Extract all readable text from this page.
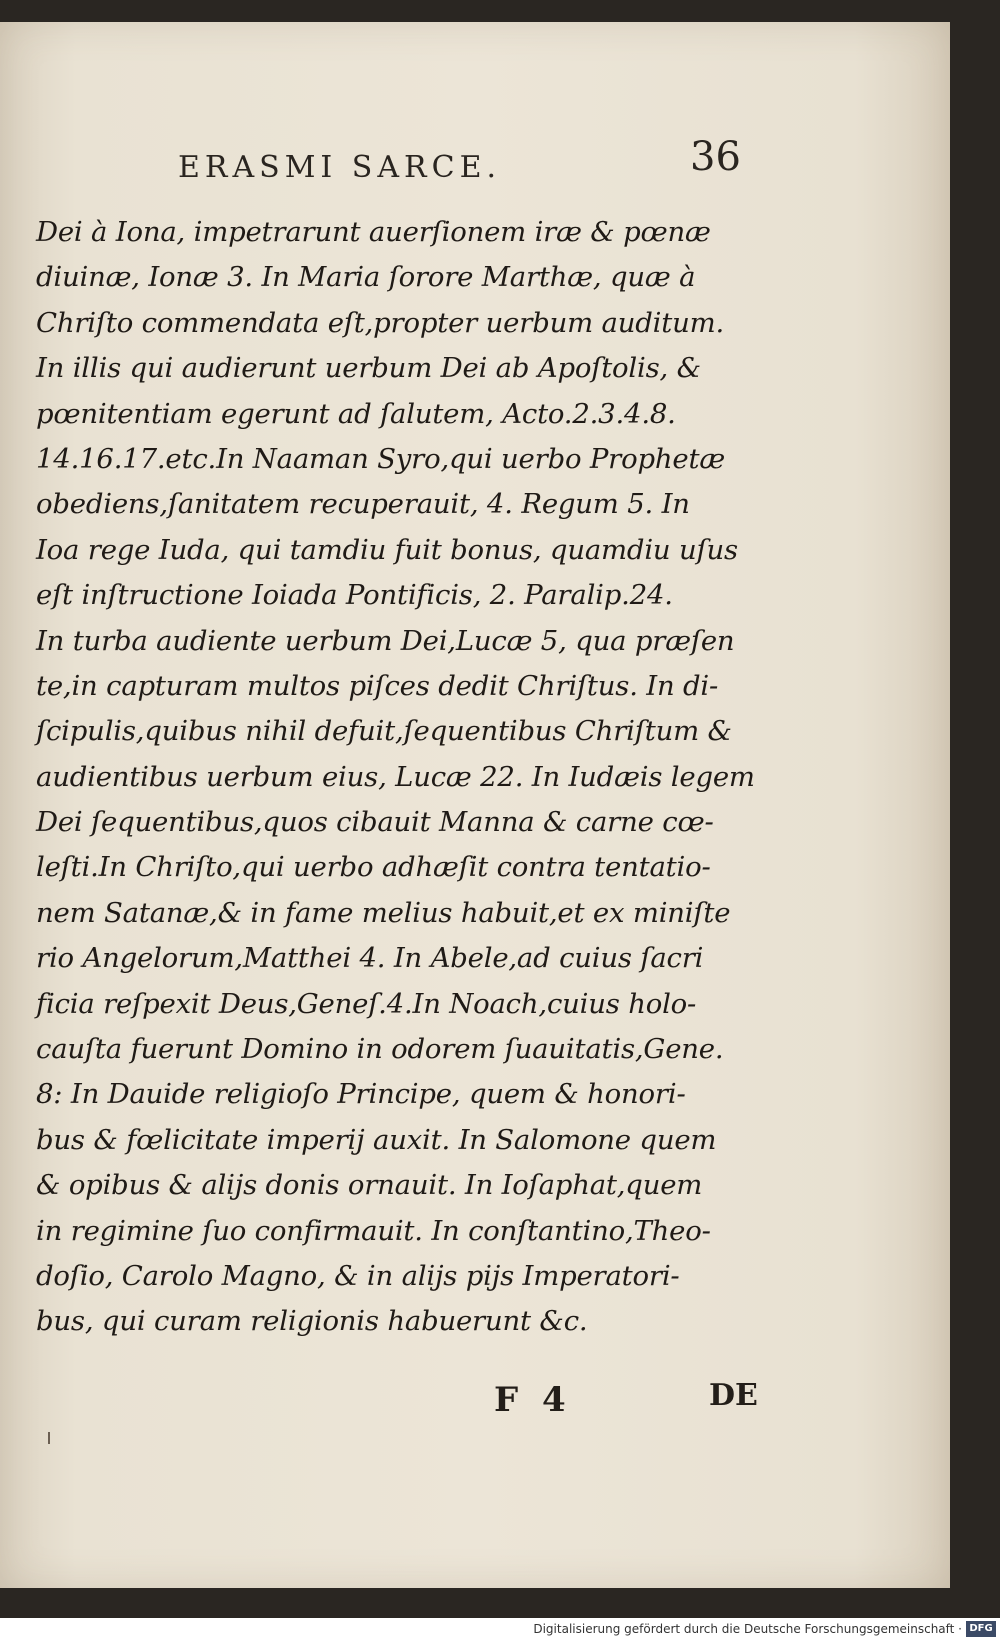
ERASMI SARCE.	36
Dei à Iona, impetrarunt auerſionem iræ & pœnæ
diuinæ, Ionæ 3. In Maria ſorore Marthæ, quæ à
Chriſto commendata eſt,propter uerbum auditum.
In illis qui audierunt uerbum Dei ab Apoſtolis, &
pœnitentiam egerunt ad ſalutem, Acto.2.3.4.8.
14.16.17.etc.In Naaman Syro,qui uerbo Prophetæ
obediens,ſanitatem recuperauit, 4. Regum 5. In
Ioa rege Iuda, qui tamdiu fuit bonus, quamdiu uſus
eſt inſtructione Ioiada Pontificis, 2. Paralip.24.
In turba audiente uerbum Dei,Lucæ 5, qua præſen
te,in capturam multos piſces dedit Chriſtus. In di-
ſcipulis,quibus nihil defuit,ſequentibus Chriſtum &
audientibus uerbum eius, Lucæ 22. In Iudæis legem
Dei ſequentibus,quos cibauit Manna & carne cœ-
leſti.In Chriſto,qui uerbo adhæſit contra tentatio-
nem Satanæ,& in fame melius habuit,et ex miniſte
rio Angelorum,Matthei 4. In Abele,ad cuius ſacri
ficia reſpexit Deus,Geneſ.4.In Noach,cuius holo-
cauſta fuerunt Domino in odorem ſuauitatis,Gene.
8: In Dauide religioſo Principe, quem & honori-
bus & fœlicitate imperij auxit. In Salomone quem
& opibus & alijs donis ornauit. In Ioſaphat,quem
in regimine ſuo confirmauit. In conſtantino,Theo-
doſio, Carolo Magno, & in alijs pijs Imperatori-
bus, qui curam religionis habuerunt &c.
F 4	DE
Digitalisierung gefördert durch die Deutsche Forschungsgemeinschaft · DFG
